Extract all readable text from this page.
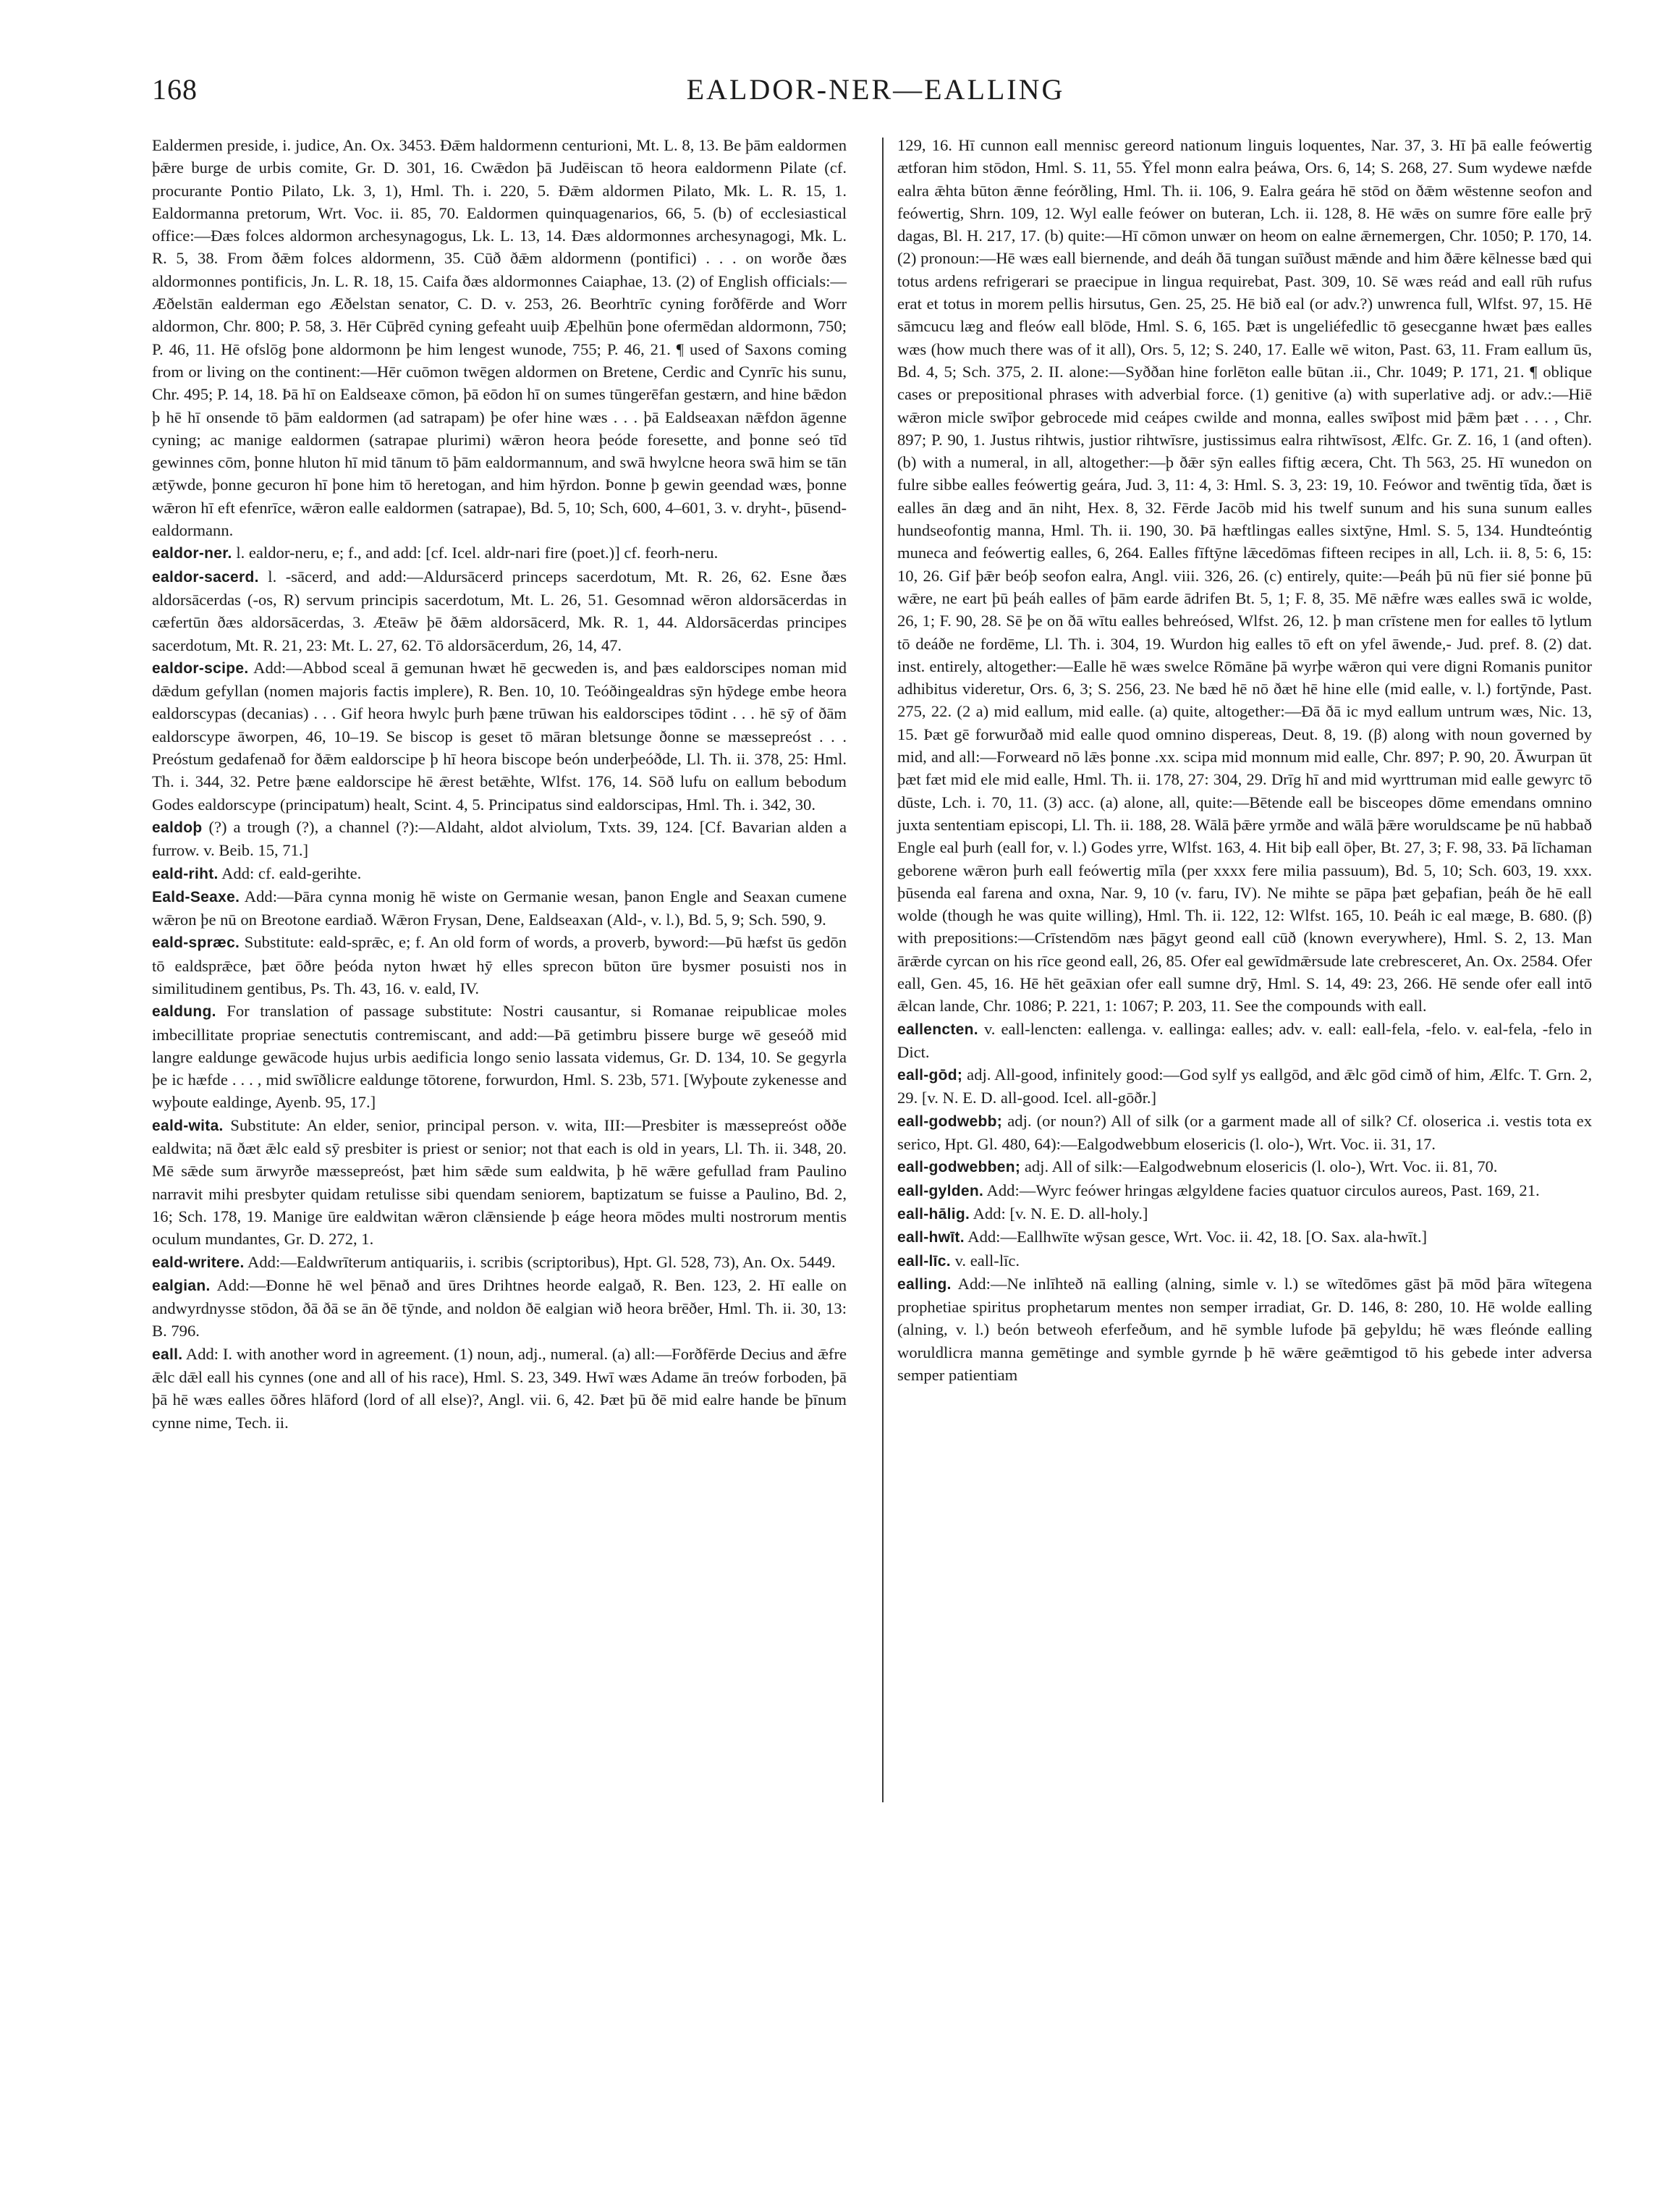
EALDOR-NER—EALLING
168

Ealdermen preside, i. judice, An. Ox. 3453. Ðǣm haldormenn centurioni, Mt. L. 8, 13. Be þām ealdormen þǣre burge de urbis comite, Gr. D. 301, 16. Cwǣdon þā Judēiscan tō heora ealdormenn Pilate (cf. procurante Pontio Pilato, Lk. 3, 1), Hml. Th. i. 220, 5. Ðǣm aldormen Pilato, Mk. L. R. 15, 1. Ealdormanna pretorum, Wrt. Voc. ii. 85, 70. Ealdormen quinquagenarios, 66, 5. (b) of ecclesiastical office:—Ðæs folces aldormon archesynagogus, Lk. L. 13, 14. Ðæs aldormonnes archesynagogi, Mk. L. R. 5, 38. From ðǣm folces aldormenn, 35. Cūð ðǣm aldormenn (pontifici) . . . on worðe ðæs aldormonnes pontificis, Jn. L. R. 18, 15. Caifa ðæs aldormonnes Caiaphae, 13. (2) of English officials:—Æðelstān ealderman ego Æðelstan senator, C. D. v. 253, 26. Beorhtrīc cyning forðfērde and Worr aldormon, Chr. 800; P. 58, 3. Hēr Cūþrēd cyning gefeaht uuiþ Æþelhūn þone ofermēdan aldormonn, 750; P. 46, 11. Hē ofslōg þone aldormonn þe him lengest wunode, 755; P. 46, 21. ¶ used of Saxons coming from or living on the continent:—Hēr cuōmon twēgen aldormen on Bretene, Cerdic and Cynrīc his sunu, Chr. 495; P. 14, 18. Þā hī on Ealdseaxe cōmon, þā eōdon hī on sumes tūngerēfan gestærn, and hine bǣdon þ hē hī onsende tō þām ealdormen (ad satrapam) þe ofer hine wæs . . . þā Ealdseaxan nǣfdon āgenne cyning; ac manige ealdormen (satrapae plurimi) wǣron heora þeóde foresette, and þonne seó tīd gewinnes cōm, þonne hluton hī mid tānum tō þām ealdormannum, and swā hwylcne heora swā him se tān ætȳwde, þonne gecuron hī þone him tō heretogan, and him hȳrdon. Þonne þ gewin geendad wæs, þonne wǣron hī eft efenrīce, wǣron ealle ealdormen (satrapae), Bd. 5, 10; Sch, 600, 4–601, 3. v. dryht-, þūsend-ealdormann.

ealdor-ner. l. ealdor-neru, e; f., and add: [cf. Icel. aldr-nari fire (poet.)] cf. feorh-neru.

ealdor-sacerd. l. -sācerd, and add:—Aldursācerd princeps sacerdotum, Mt. R. 26, 62. Esne ðæs aldorsācerdas (-os, R) servum principis sacerdotum, Mt. L. 26, 51. Gesomnad wēron aldorsācerdas in cæfertūn ðæs aldorsācerdas, 3. Æteāw þē ðǣm aldorsācerd, Mk. R. 1, 44. Aldorsācerdas principes sacerdotum, Mt. R. 21, 23: Mt. L. 27, 62. Tō aldorsācerdum, 26, 14, 47.

ealdor-scipe. Add:—Abbod sceal ā gemunan hwæt hē gecweden is, and þæs ealdorscipes noman mid dǣdum gefyllan (nomen majoris factis implere), R. Ben. 10, 10. Teóðingealdras sȳn hȳdege embe heora ealdorscypas (decanias) . . . Gif heora hwylc þurh þæne trūwan his ealdorscipes tōdint . . . hē sȳ of ðām ealdorscype āworpen, 46, 10–19. Se biscop is geset tō māran bletsunge ðonne se mæssepreóst . . . Preóstum gedafenað for ðǣm ealdorscipe þ hī heora biscope beón underþeóðde, Ll. Th. ii. 378, 25: Hml. Th. i. 344, 32. Petre þæne ealdorscipe hē ǣrest betǣhte, Wlfst. 176, 14. Sōð lufu on eallum bebodum Godes ealdorscype (principatum) healt, Scint. 4, 5. Principatus sind ealdorscipas, Hml. Th. i. 342, 30.

ealdoþ (?) a trough (?), a channel (?):—Aldaht, aldot alviolum, Txts. 39, 124. [Cf. Bavarian alden a furrow. v. Beib. 15, 71.]

eald-riht. Add: cf. eald-gerihte.

Eald-Seaxe. Add:—Þāra cynna monig hē wiste on Germanie wesan, þanon Engle and Seaxan cumene wǣron þe nū on Breotone eardiað. Wǣron Frysan, Dene, Ealdseaxan (Ald-, v. l.), Bd. 5, 9; Sch. 590, 9.

eald-spræc. Substitute: eald-sprǣc, e; f. An old form of words, a proverb, byword:—Þū hæfst ūs gedōn tō ealdsprǣce, þæt ōðre þeóda nyton hwæt hȳ elles sprecon būton ūre bysmer posuisti nos in similitudinem gentibus, Ps. Th. 43, 16. v. eald, IV.

ealdung. For translation of passage substitute: Nostri causantur, si Romanae reipublicae moles imbecillitate propriae senectutis contremiscant, and add:—Þā getimbru þissere burge wē geseóð mid langre ealdunge gewācode hujus urbis aedificia longo senio lassata videmus, Gr. D. 134, 10. Se gegyrla þe ic hæfde . . . , mid swīðlicre ealdunge tōtorene, forwurdon, Hml. S. 23b, 571. [Wyþoute zykenesse and wyþoute ealdinge, Ayenb. 95, 17.]

eald-wita. Substitute: An elder, senior, principal person. v. wita, III:—Presbiter is mæssepreóst oððe ealdwita; nā ðæt ǣlc eald sȳ presbiter is priest or senior; not that each is old in years, Ll. Th. ii. 348, 20. Mē sǣde sum ārwyrðe mæssepreóst, þæt him sǣde sum ealdwita, þ hē wǣre gefullad fram Paulino narravit mihi presbyter quidam retulisse sibi quendam seniorem, baptizatum se fuisse a Paulino, Bd. 2, 16; Sch. 178, 19. Manige ūre ealdwitan wǣron clǣnsiende þ eáge heora mōdes multi nostrorum mentis oculum mundantes, Gr. D. 272, 1.

eald-writere. Add:—Ealdwrīterum antiquariis, i. scribis (scriptoribus), Hpt. Gl. 528, 73), An. Ox. 5449.

ealgian. Add:—Ðonne hē wel þēnað and ūres Drihtnes heorde ealgað, R. Ben. 123, 2. Hī ealle on andwyrdnysse stōdon, ðā ðā se ān ðē tȳnde, and noldon ðē ealgian wið heora brēðer, Hml. Th. ii. 30, 13: B. 796.

eall. Add: I. with another word in agreement. (1) noun, adj., numeral. (a) all:—Forðfērde Decius and ǣfre ǣlc dǣl eall his cynnes (one and all of his race), Hml. S. 23, 349. Hwī wæs Adame ān treów forboden, þā þā hē wæs ealles ōðres hlāford (lord of all else)?, Angl. vii. 6, 42. Þæt þū ðē mid ealre hande be þīnum cynne nime, Tech. ii.

129, 16. Hī cunnon eall mennisc gereord nationum linguis loquentes, Nar. 37, 3. Hī þā ealle feówertig ætforan him stōdon, Hml. S. 11, 55. Ȳfel monn ealra þeáwa, Ors. 6, 14; S. 268, 27. Sum wydewe næfde ealra ǣhta būton ǣnne feórðling, Hml. Th. ii. 106, 9. Ealra geára hē stōd on ðǣm wēstenne seofon and feówertig, Shrn. 109, 12. Wyl ealle feówer on buteran, Lch. ii. 128, 8. Hē wǣs on sumre fōre ealle þrȳ dagas, Bl. H. 217, 17. (b) quite:—Hī cōmon unwær on heom on ealne ǣrnemergen, Chr. 1050; P. 170, 14. (2) pronoun:—Hē wæs eall biernende, and deáh ðā tungan suīðust mǣnde and him ðǣre kēlnesse bæd qui totus ardens refrigerari se praecipue in lingua requirebat, Past. 309, 10. Sē wæs reád and eall rūh rufus erat et totus in morem pellis hirsutus, Gen. 25, 25. Hē bið eal (or adv.?) unwrenca full, Wlfst. 97, 15. Hē sāmcucu læg and fleów eall blōde, Hml. S. 6, 165. Þæt is ungeliéfedlic tō gesecganne hwæt þæs ealles wæs (how much there was of it all), Ors. 5, 12; S. 240, 17. Ealle wē witon, Past. 63, 11. Fram eallum ūs, Bd. 4, 5; Sch. 375, 2. II. alone:—Syððan hine forlēton ealle būtan .ii., Chr. 1049; P. 171, 21. ¶ oblique cases or prepositional phrases with adverbial force. (1) genitive (a) with superlative adj. or adv.:—Hiē wǣron micle swīþor gebrocede mid ceápes cwilde and monna, ealles swīþost mid þǣm þæt . . . , Chr. 897; P. 90, 1. Justus rihtwis, justior rihtwīsre, justissimus ealra rihtwīsost, Ælfc. Gr. Z. 16, 1 (and often). (b) with a numeral, in all, altogether:—þ ðǣr sȳn ealles fiftig æcera, Cht. Th 563, 25. Hī wunedon on fulre sibbe ealles feówertig geára, Jud. 3, 11: 4, 3: Hml. S. 3, 23: 19, 10. Feówor and twēntig tīda, ðæt is ealles ān dæg and ān niht, Hex. 8, 32. Fērde Jacōb mid his twelf sunum and his suna sunum ealles hundseofontig manna, Hml. Th. ii. 190, 30. Þā hæftlingas ealles sixtȳne, Hml. S. 5, 134. Hundteóntig muneca and feówertig ealles, 6, 264. Ealles fīftȳne lǣcedōmas fifteen recipes in all, Lch. ii. 8, 5: 6, 15: 10, 26. Gif þǣr beóþ seofon ealra, Angl. viii. 326, 26. (c) entirely, quite:—Þeáh þū nū fier sié þonne þū wǣre, ne eart þū þeáh ealles of þām earde ādrifen Bt. 5, 1; F. 8, 35. Mē nǣfre wæs ealles swā ic wolde, 26, 1; F. 90, 28. Sē þe on ðā wītu ealles behreósed, Wlfst. 26, 12. þ man crīstene men for ealles tō lytlum tō deáðe ne fordēme, Ll. Th. i. 304, 19. Wurdon hig ealles tō eft on yfel āwende,- Jud. pref. 8. (2) dat. inst. entirely, altogether:—Ealle hē wæs swelce Rōmāne þā wyrþe wǣron qui vere digni Romanis punitor adhibitus videretur, Ors. 6, 3; S. 256, 23. Ne bæd hē nō ðæt hē hine elle (mid ealle, v. l.) fortȳnde, Past. 275, 22. (2 a) mid eallum, mid ealle. (a) quite, altogether:—Ðā ðā ic myd eallum untrum wæs, Nic. 13, 15. Þæt gē forwurðað mid ealle quod omnino dispereas, Deut. 8, 19. (β) along with noun governed by mid, and all:—Forweard nō lǣs þonne .xx. scipa mid monnum mid ealle, Chr. 897; P. 90, 20. Āwurpan ūt þæt fæt mid ele mid ealle, Hml. Th. ii. 178, 27: 304, 29. Drīg hī and mid wyrttruman mid ealle gewyrc tō dūste, Lch. i. 70, 11. (3) acc. (a) alone, all, quite:—Bētende eall be bisceopes dōme emendans omnino juxta sententiam episcopi, Ll. Th. ii. 188, 28. Wālā þǣre yrmðe and wālā þǣre woruldscame þe nū habbað Engle eal þurh (eall for, v. l.) Godes yrre, Wlfst. 163, 4. Hit biþ eall ōþer, Bt. 27, 3; F. 98, 33. Þā līchaman geborene wǣron þurh eall feówertig mīla (per xxxx fere milia passuum), Bd. 5, 10; Sch. 603, 19. xxx. þūsenda eal farena and oxna, Nar. 9, 10 (v. faru, IV). Ne mihte se pāpa þæt geþafian, þeáh ðe hē eall wolde (though he was quite willing), Hml. Th. ii. 122, 12: Wlfst. 165, 10. Þeáh ic eal mæge, B. 680. (β) with prepositions:—Crīstendōm næs þāgyt geond eall cūð (known everywhere), Hml. S. 2, 13. Man ārǣrde cyrcan on his rīce geond eall, 26, 85. Ofer eal gewīdmǣrsude late crebresceret, An. Ox. 2584. Ofer eall, Gen. 45, 16. Hē hēt geāxian ofer eall sumne drȳ, Hml. S. 14, 49: 23, 266. Hē sende ofer eall intō ǣlcan lande, Chr. 1086; P. 221, 1: 1067; P. 203, 11. See the compounds with eall.

eallencten. v. eall-lencten: eallenga. v. eallinga: ealles; adv. v. eall: eall-fela, -felo. v. eal-fela, -felo in Dict.

eall-gōd; adj. All-good, infinitely good:—God sylf ys eallgōd, and ǣlc gōd cimð of him, Ælfc. T. Grn. 2, 29. [v. N. E. D. all-good. Icel. all-gōðr.]

eall-godwebb; adj. (or noun?) All of silk (or a garment made all of silk? Cf. oloserica .i. vestis tota ex serico, Hpt. Gl. 480, 64):—Ealgodwebbum elosericis (l. olo-), Wrt. Voc. ii. 31, 17.

eall-godwebben; adj. All of silk:—Ealgodwebnum elosericis (l. olo-), Wrt. Voc. ii. 81, 70.

eall-gylden. Add:—Wyrc feówer hringas ælgyldene facies quatuor circulos aureos, Past. 169, 21.

eall-hālig. Add: [v. N. E. D. all-holy.]

eall-hwīt. Add:—Eallhwīte wȳsan gesce, Wrt. Voc. ii. 42, 18. [O. Sax. ala-hwīt.]

eall-līc. v. eall-līc.

ealling. Add:—Ne inlīhteð nā ealling (alning, simle v. l.) se wītedōmes gāst þā mōd þāra wītegena prophetiae spiritus prophetarum mentes non semper irradiat, Gr. D. 146, 8: 280, 10. Hē wolde ealling (alning, v. l.) beón betweoh eferfeðum, and hē symble lufode þā geþyldu; hē wæs fleónde ealling woruldlicra manna gemētinge and symble gyrnde þ hē wǣre geǣmtigod tō his gebede inter adversa semper patientiam
